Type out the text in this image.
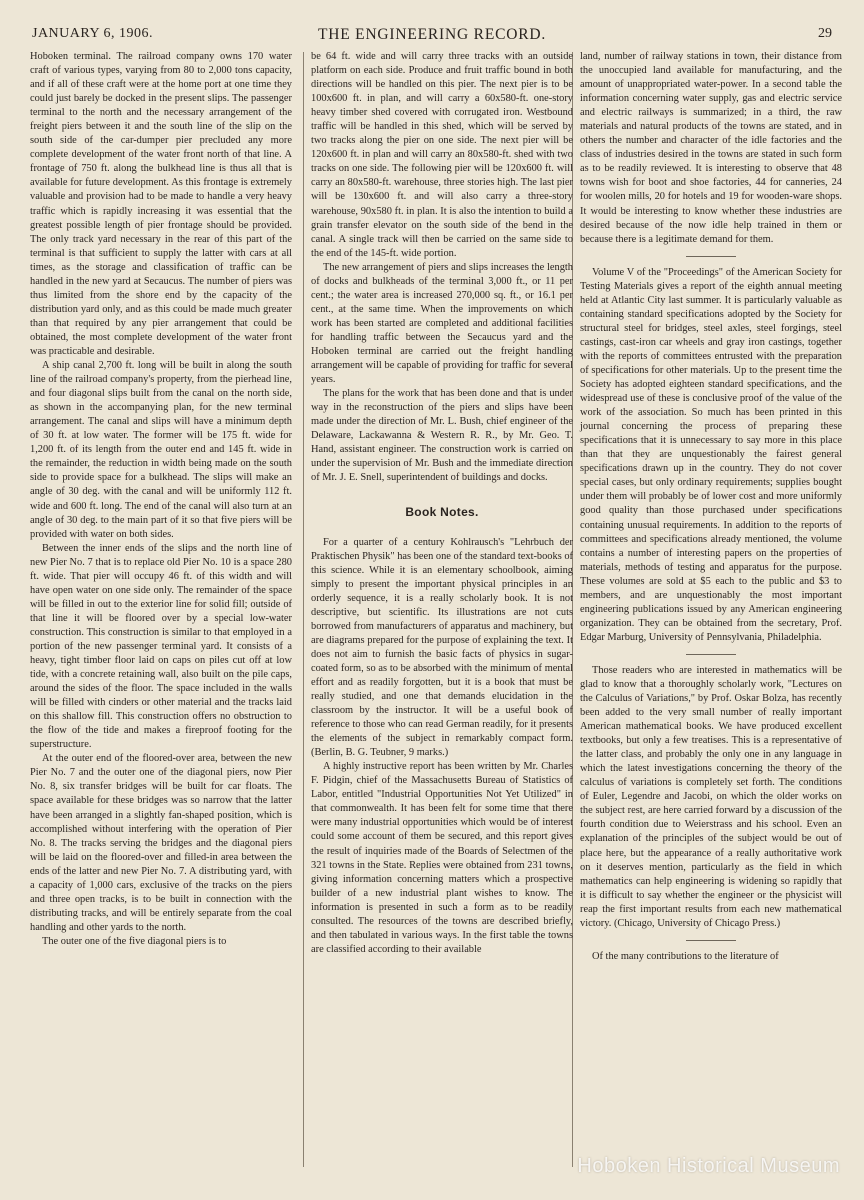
JANUARY 6, 1906.	THE ENGINEERING RECORD.	29

Hoboken terminal. The railroad company owns 170 water craft of various types, varying from 80 to 2,000 tons capacity, and if all of these craft were at the home port at one time they could just barely be docked in the present slips. The passenger terminal to the north and the necessary arrangement of the freight piers between it and the south line of the slip on the south side of the car-dumper pier precluded any more complete development of the water front north of that line. A frontage of 750 ft. along the bulkhead line is thus all that is available for future development. As this frontage is extremely valuable and provision had to be made to handle a very heavy traffic which is rapidly increasing it was essential that the greatest possible length of pier frontage should be provided. The only track yard necessary in the rear of this part of the terminal is that sufficient to supply the latter with cars at all times, as the storage and classification of traffic can be handled in the new yard at Secaucus. The number of piers was thus limited from the shore end by the capacity of the distribution yard only, and as this could be made much greater than that required by any pier arrangement that could be obtained, the most complete development of the water front was practicable and desirable.

A ship canal 2,700 ft. long will be built in along the south line of the railroad company's property, from the pierhead line, and four diagonal slips built from the canal on the north side, as shown in the accompanying plan, for the new terminal arrangement. The canal and slips will have a minimum depth of 30 ft. at low water. The former will be 175 ft. wide for 1,200 ft. of its length from the outer end and 145 ft. wide in the remainder, the reduction in width being made on the south side to provide space for a bulkhead. The slips will make an angle of 30 deg. with the canal and will be uniformly 112 ft. wide and 600 ft. long. The end of the canal will also turn at an angle of 30 deg. to the main part of it so that five piers will be provided with water on both sides.

Between the inner ends of the slips and the north line of new Pier No. 7 that is to replace old Pier No. 10 is a space 280 ft. wide. That pier will occupy 46 ft. of this width and will have open water on one side only. The remainder of the space will be filled in out to the exterior line for solid fill; outside of that line it will be floored over by a special low-water construction. This construction is similar to that employed in a portion of the new passenger terminal yard. It consists of a heavy, tight timber floor laid on caps on piles cut off at low tide, with a concrete retaining wall, also built on the pile caps, around the sides of the floor. The space included in the walls will be filled with cinders or other material and the tracks laid on this shallow fill. This construction offers no obstruction to the flow of the tide and makes a fireproof footing for the superstructure.

At the outer end of the floored-over area, between the new Pier No. 7 and the outer one of the diagonal piers, now Pier No. 8, six transfer bridges will be built for car floats. The space available for these bridges was so narrow that the latter have been arranged in a slightly fan-shaped position, which is accomplished without interfering with the operation of Pier No. 8. The tracks serving the bridges and the diagonal piers will be laid on the floored-over and filled-in area between the ends of the latter and new Pier No. 7. A distributing yard, with a capacity of 1,000 cars, exclusive of the tracks on the piers and three open tracks, is to be built in connection with the distributing tracks, and will be entirely separate from the coal handling and other yards to the north.

The outer one of the five diagonal piers is to

be 64 ft. wide and will carry three tracks with an outside platform on each side. Produce and fruit traffic bound in both directions will be handled on this pier. The next pier is to be 100x600 ft. in plan, and will carry a 60x580-ft. one-story heavy timber shed covered with corrugated iron. Westbound traffic will be handled in this shed, which will be served by two tracks along the pier on one side. The next pier will be 120x600 ft. in plan and will carry an 80x580-ft. shed with two tracks on one side. The following pier will be 120x600 ft. will carry an 80x580-ft. warehouse, three stories high. The last pier will be 130x600 ft. and will also carry a three-story warehouse, 90x580 ft. in plan. It is also the intention to build a grain transfer elevator on the south side of the bend in the canal. A single track will then be carried on the same side to the end of the 145-ft. wide portion.

The new arrangement of piers and slips increases the length of docks and bulkheads of the terminal 3,000 ft., or 11 per cent.; the water area is increased 270,000 sq. ft., or 16.1 per cent., at the same time. When the improvements on which work has been started are completed and additional facilities for handling traffic between the Secaucus yard and the Hoboken terminal are carried out the freight handling arrangement will be capable of providing for traffic for several years.

The plans for the work that has been done and that is under way in the reconstruction of the piers and slips have been made under the direction of Mr. L. Bush, chief engineer of the Delaware, Lackawanna & Western R. R., by Mr. Geo. T. Hand, assistant engineer. The construction work is carried on under the supervision of Mr. Bush and the immediate direction of Mr. J. E. Snell, superintendent of buildings and docks.

Book Notes.

For a quarter of a century Kohlrausch's "Lehrbuch der Praktischen Physik" has been one of the standard text-books of this science. While it is an elementary schoolbook, aiming simply to present the important physical principles in an orderly sequence, it is a really scholarly book. It is not descriptive, but scientific. Its illustrations are not cuts borrowed from manufacturers of apparatus and machinery, but are diagrams prepared for the purpose of explaining the text. It does not aim to furnish the basic facts of physics in sugar-coated form, so as to be absorbed with the minimum of mental effort and as readily forgotten, but it is a book that must be really studied, and one that demands elucidation in the classroom by the instructor. It will be a useful book of reference to those who can read German readily, for it presents the elements of the subject in remarkably compact form. (Berlin, B. G. Teubner, 9 marks.)

A highly instructive report has been written by Mr. Charles F. Pidgin, chief of the Massachusetts Bureau of Statistics of Labor, entitled "Industrial Opportunities Not Yet Utilized" in that commonwealth. It has been felt for some time that there were many industrial opportunities which would be of interest could some account of them be secured, and this report gives the result of inquiries made of the Boards of Selectmen of the 321 towns in the State. Replies were obtained from 231 towns, giving information concerning matters which a prospective builder of a new industrial plant wishes to know. The information is presented in such a form as to be readily consulted. The resources of the towns are described briefly, and then tabulated in various ways. In the first table the towns are classified according to their available

land, number of railway stations in town, their distance from the unoccupied land available for manufacturing, and the amount of unappropriated water-power. In a second table the information concerning water supply, gas and electric service and electric railways is summarized; in a third, the raw materials and natural products of the towns are stated, and in others the number and character of the idle factories and the class of industries desired in the towns are stated in such form as to be readily reviewed. It is interesting to observe that 48 towns wish for boot and shoe factories, 44 for canneries, 24 for woolen mills, 20 for hotels and 19 for wooden-ware shops. It would be interesting to know whether these industries are desired because of the now idle help trained in them or because there is a legitimate demand for them.

Volume V of the "Proceedings" of the American Society for Testing Materials gives a report of the eighth annual meeting held at Atlantic City last summer. It is particularly valuable as containing standard specifications adopted by the Society for structural steel for bridges, steel axles, steel forgings, steel castings, cast-iron car wheels and gray iron castings, together with the reports of committees entrusted with the preparation of specifications for other materials. Up to the present time the Society has adopted eighteen standard specifications, and the widespread use of these is conclusive proof of the value of the work of the association. So much has been printed in this journal concerning the process of preparing these specifications that it is unnecessary to say more in this place than that they are unquestionably the fairest general specifications drawn up in the country. They do not cover special cases, but only ordinary requirements; supplies bought under them will probably be of lower cost and more uniformly good quality than those purchased under specifications containing unusual requirements. In addition to the reports of committees and specifications already mentioned, the volume contains a number of interesting papers on the properties of materials, methods of testing and apparatus for the purpose. These volumes are sold at $5 each to the public and $3 to members, and are unquestionably the most important engineering publications issued by any American engineering organization. They can be obtained from the secretary, Prof. Edgar Marburg, University of Pennsylvania, Philadelphia.

Those readers who are interested in mathematics will be glad to know that a thoroughly scholarly work, "Lectures on the Calculus of Variations," by Prof. Oskar Bolza, has recently been added to the very small number of really important American mathematical books. We have produced excellent textbooks, but only a few treatises. This is a representative of the latter class, and probably the only one in any language in which the latest investigations concerning the theory of the calculus of variations is completely set forth. The conditions of Euler, Legendre and Jacobi, on which the older works on the subject rest, are here carried forward by a discussion of the fourth condition due to Weierstrass and his school. Even an explanation of the principles of the subject would be out of place here, but the appearance of a really authoritative work on it deserves mention, particularly as the field in which mathematics can help engineering is widening so rapidly that it is difficult to say whether the engineer or the physicist will reap the first important results from each new mathematical victory. (Chicago, University of Chicago Press.)

Of the many contributions to the literature of

Hoboken Historical Museum
